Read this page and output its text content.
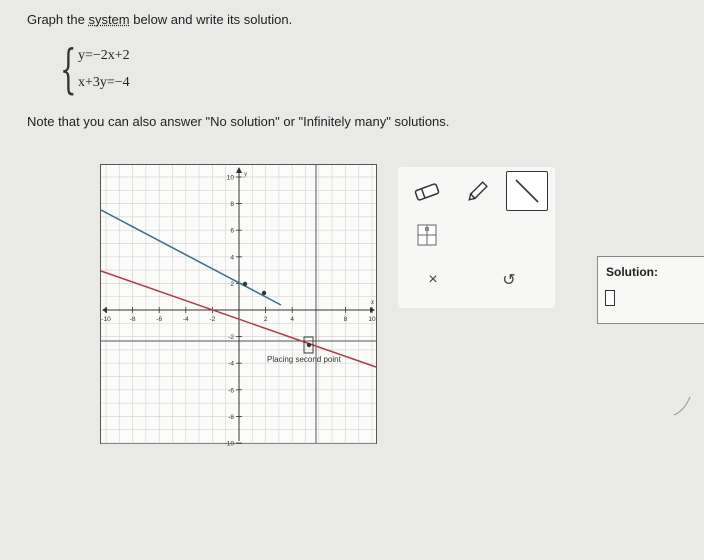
Graph the system below and write its solution.
{ y=−2x+2
x+3y=−4
Note that you can also answer "No solution" or "Infinitely many" solutions.
x
y
-10	-8	-6	-4	-2	2	4	8	10
10
8
6
4
2
-2
-4
-6
-8
-10
Placing second point
×	↺	Solution:
